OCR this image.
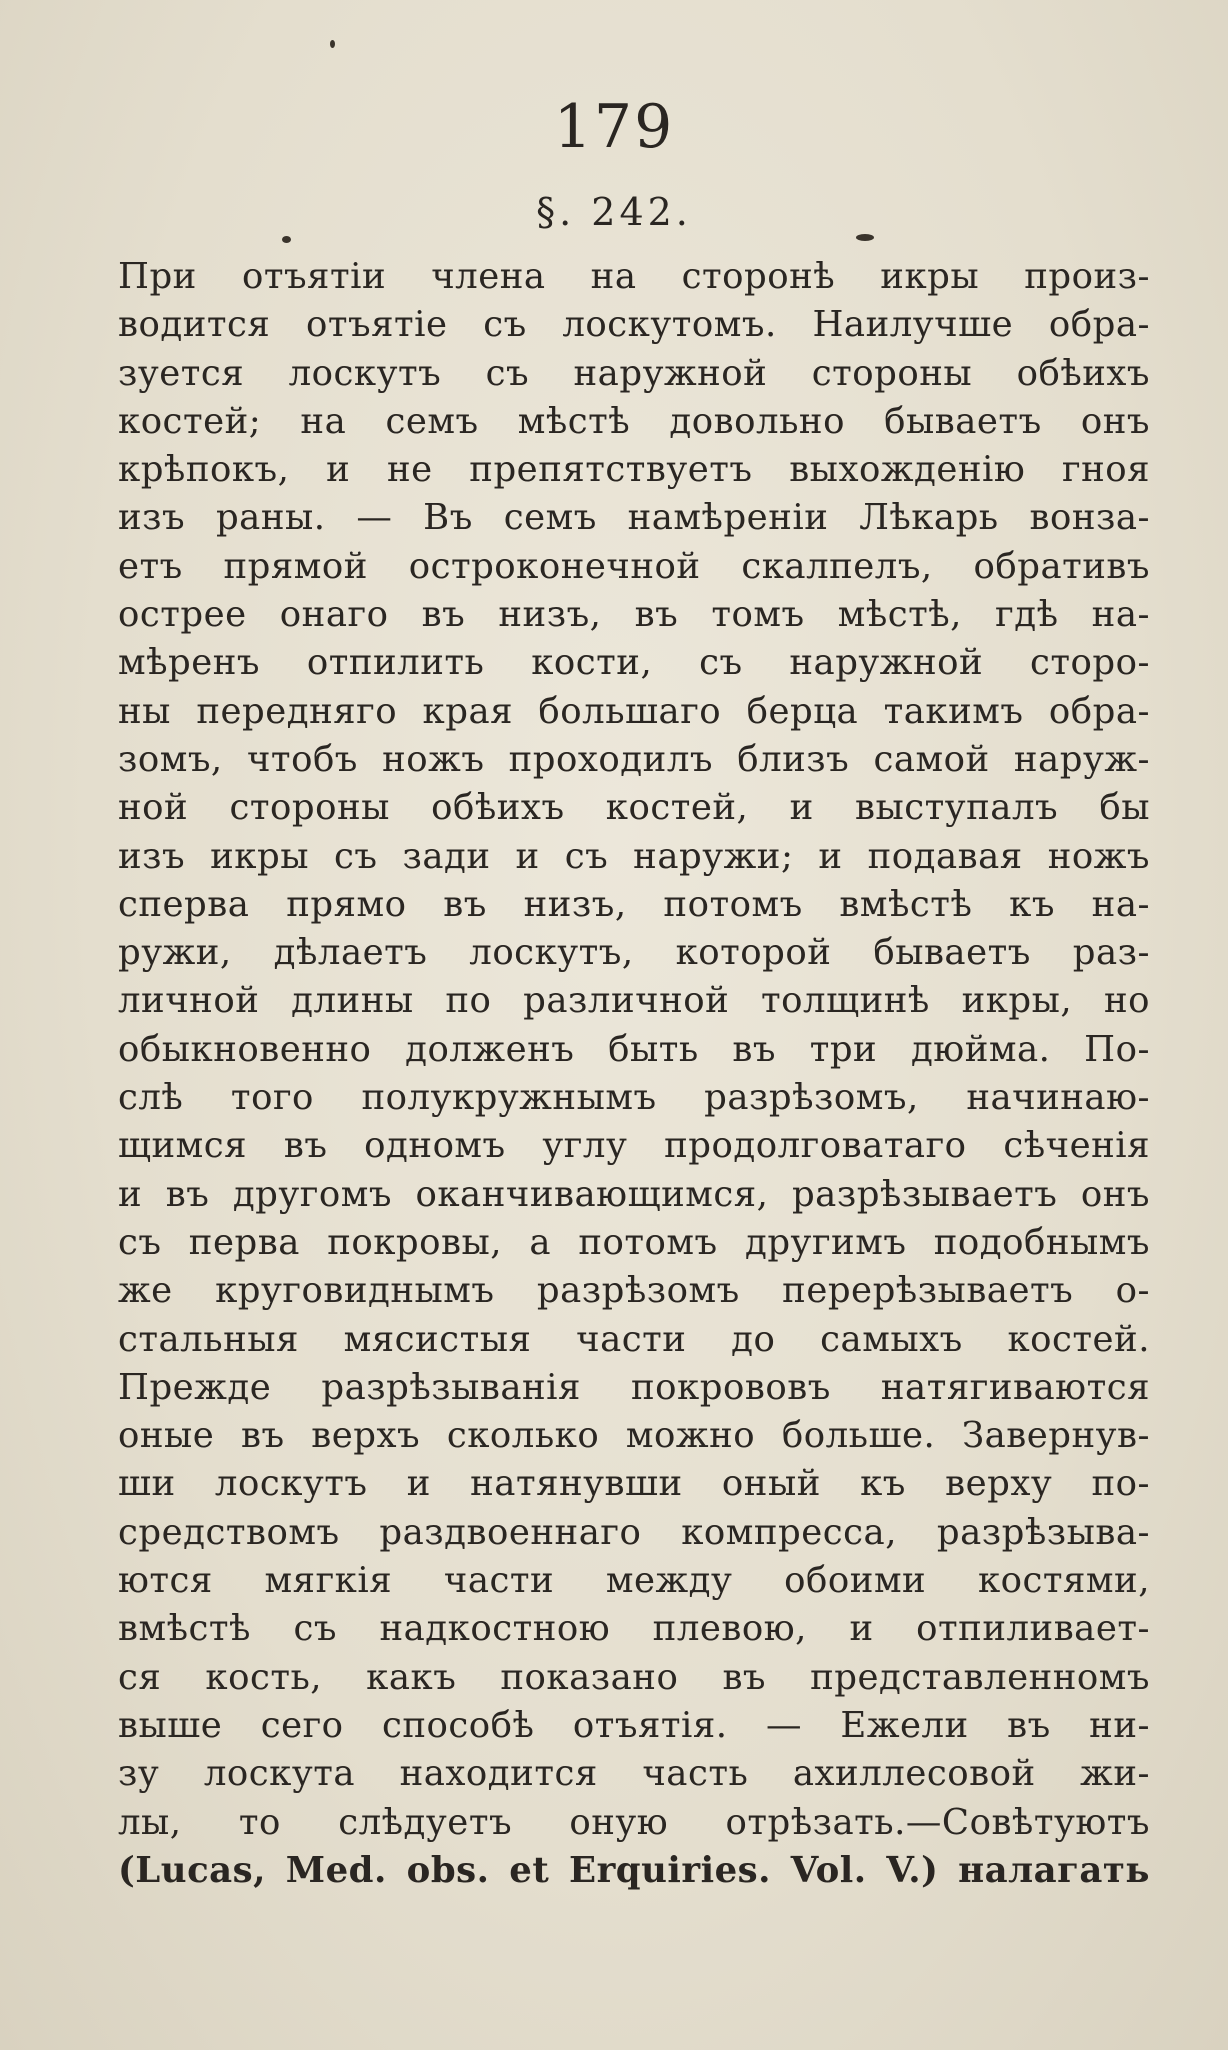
179
§. 242.
При отъятіи члена на сторонѣ икры произ-
водится отъятіе съ лоскутомъ. Наилучше обра-
зуется лоскутъ съ наружной стороны обѣихъ
костей; на семъ мѣстѣ довольно бываетъ онъ
крѣпокъ, и не препятствуетъ выхожденію гноя
изъ раны. — Въ семъ намѣреніи Лѣкарь вонза-
етъ прямой остроконечной скалпелъ, обративъ
острее онаго въ низъ, въ томъ мѣстѣ, гдѣ на-
мѣренъ отпилить кости, съ наружной сторо-
ны передняго края большаго берца такимъ обра-
зомъ, чтобъ ножъ проходилъ близъ самой наруж-
ной стороны обѣихъ костей, и выступалъ бы
изъ икры съ зади и съ наружи; и подавая ножъ
сперва прямо въ низъ, потомъ вмѣстѣ къ на-
ружи, дѣлаетъ лоскутъ, которой бываетъ раз-
личной длины по различной толщинѣ икры, но
обыкновенно долженъ быть въ три дюйма. По-
слѣ того полукружнымъ разрѣзомъ, начинаю-
щимся въ одномъ углу продолговатаго сѣченія
и въ другомъ оканчивающимся, разрѣзываетъ онъ
съ перва покровы, а потомъ другимъ подобнымъ
же круговиднымъ разрѣзомъ перерѣзываетъ о-
стальныя мясистыя части до самыхъ костей.
Прежде разрѣзыванія покрововъ натягиваются
оные въ верхъ сколько можно больше. Завернув-
ши лоскутъ и натянувши оный къ верху по-
средствомъ раздвоеннаго компресса, разрѣзыва-
ются мягкія части между обоими костями,
вмѣстѣ съ надкостною плевою, и отпиливает-
ся кость, какъ показано въ представленномъ
выше сего способѣ отъятія. — Ежели въ ни-
зу лоскута находится часть ахиллесовой жи-
лы, то слѣдуетъ оную отрѣзать.—Совѣтуютъ
(Lucas, Med. obs. et Erquiries. Vol. V.) налагать
